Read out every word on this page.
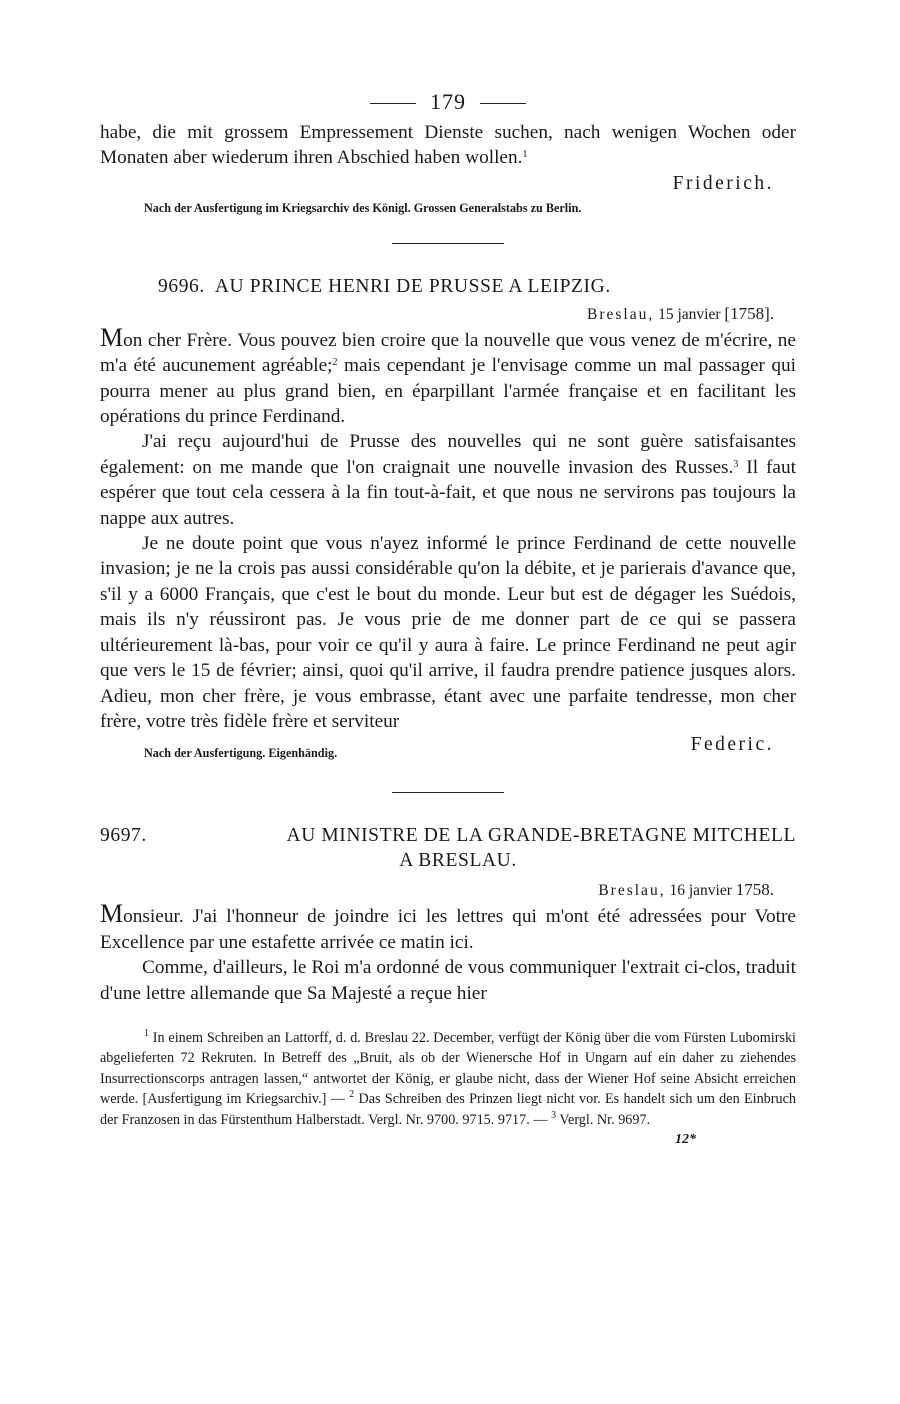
179

habe, die mit grossem Empressement Dienste suchen, nach wenigen Wochen oder Monaten aber wiederum ihren Abschied haben wollen.$^1$

Friderich.
Nach der Ausfertigung im Kriegsarchiv des Königl. Grossen Generalstabs zu Berlin.
9696. AU PRINCE HENRI DE PRUSSE A LEIPZIG.
Breslau, 15 janvier [1758].

Mon cher Frère. Vous pouvez bien croire que la nouvelle que vous venez de m'écrire, ne m'a été aucunement agréable;$^2$ mais cependant je l'envisage comme un mal passager qui pourra mener au plus grand bien, en éparpillant l'armée française et en facilitant les opérations du prince Ferdinand.

J'ai reçu aujourd'hui de Prusse des nouvelles qui ne sont guère satisfaisantes également: on me mande que l'on craignait une nouvelle invasion des Russes.$^3$ Il faut espérer que tout cela cessera à la fin tout-à-fait, et que nous ne servirons pas toujours la nappe aux autres.

Je ne doute point que vous n'ayez informé le prince Ferdinand de cette nouvelle invasion; je ne la crois pas aussi considérable qu'on la débite, et je parierais d'avance que, s'il y a 6000 Français, que c'est le bout du monde. Leur but est de dégager les Suédois, mais ils n'y réussiront pas. Je vous prie de me donner part de ce qui se passera ultérieurement là-bas, pour voir ce qu'il y aura à faire. Le prince Ferdinand ne peut agir que vers le 15 de février; ainsi, quoi qu'il arrive, il faudra prendre patience jusques alors. Adieu, mon cher frère, je vous embrasse, étant avec une parfaite tendresse, mon cher frère, votre très fidèle frère et serviteur

Nach der Ausfertigung. Eigenhändig.	Federic.
9697.	AU MINISTRE DE LA GRANDE-BRETAGNE MITCHELL
A BRESLAU.
Breslau, 16 janvier 1758.

Monsieur. J'ai l'honneur de joindre ici les lettres qui m'ont été adressées pour Votre Excellence par une estafette arrivée ce matin ici.

Comme, d'ailleurs, le Roi m'a ordonné de vous communiquer l'extrait ci-clos, traduit d'une lettre allemande que Sa Majesté a reçue hier

$^1$ In einem Schreiben an Lattorff, d. d. Breslau 22. December, verfügt der König über die vom Fürsten Lubomirski abgelieferten 72 Rekruten. In Betreff des „Bruit, als ob der Wienersche Hof in Ungarn auf ein daher zu ziehendes Insurrectionscorps antragen lassen,“ antwortet der König, er glaube nicht, dass der Wiener Hof seine Absicht erreichen werde. [Ausfertigung im Kriegsarchiv.] — $^2$ Das Schreiben des Prinzen liegt nicht vor. Es handelt sich um den Einbruch der Franzosen in das Fürstenthum Halberstadt. Vergl. Nr. 9700. 9715. 9717. — $^3$ Vergl. Nr. 9697.

12*
